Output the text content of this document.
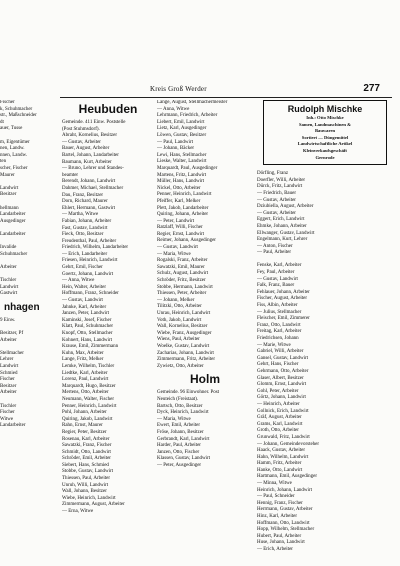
Kreis Groß Werder	277
Fischer
k, Schuhmacher
str., Maßschneider
dt
auer, Tusse
m, Eigentümer
nen, Landw.
nnen, Landw.
ten
scher, Fischer
Maurer
Landwirt
Besitzer
hellmann
Landarbeiter
Ausgedinger
Landarbeiter
Invalide
Schuhmacher
Arbeiter
Tischler
Landwirt
Gastwirt
nhagen
9 Einw.
Besitzer, Pf
Arbeiter
Stellmacher
Lehrer
Landwirt
Schmied
Fischer
Besitzer
Arbeiter
Tischler
Fischer
Witwe
Landarbeiter
Heubuden
Gemeinde. 411 Einw. Poststelle
(Post Stuhmsdorf).
Abraht, Kornelius, Besitzer
— Gustav, Arbeiter
Bauer, August, Arbeiter
Bartel, Johann, Landarbeiter
Baumann, Kurt, Arbeiter
— Bruno, Lehrer und Standes-
beamter
Berendt, Johann, Landwirt
Dahmer, Michael, Stellmacher
Dau, Franz, Besitzer
Dorn, Richard, Maurer
Ehlert, Hermann, Gastwirt
— Martha, Witwe
Fabian, Johann, Arbeiter
Fast, Gustav, Landwirt
Fieck, Otto, Besitzer
Freudenthal, Paul, Arbeiter
Friedrich, Wilhelm, Landarbeiter
— Erich, Landarbeiter
Friesen, Heinrich, Landwirt
Gehrt, Emil, Fischer
Goertz, Johann, Landwirt
— Anna, Witwe
Hein, Walter, Arbeiter
Hoffmann, Franz, Schneider
— Gustav, Landwirt
Jahnke, Karl, Arbeiter
Janzen, Peter, Landwirt
Kaminski, Josef, Fischer
Klatt, Paul, Schuhmacher
Knopf, Otto, Stellmacher
Kohnert, Hans, Landwirt
Krause, Emil, Zimmermann
Kuhn, Max, Arbeiter
Lange, Fritz, Melker
Lemke, Wilhelm, Tischler
Liedtke, Karl, Arbeiter
Lorenz, Paul, Landwirt
Marquardt, Hugo, Besitzer
Mertens, Otto, Arbeiter
Neumann, Walter, Fischer
Penner, Heinrich, Landwirt
Pohl, Johann, Arbeiter
Quiring, Jakob, Landwirt
Rahn, Ernst, Maurer
Regier, Peter, Besitzer
Rosenau, Karl, Arbeiter
Sawatzki, Franz, Fischer
Schmidt, Otto, Landwirt
Schröder, Emil, Arbeiter
Siebert, Hans, Schmied
Stobbe, Gustav, Landwirt
Thiessen, Paul, Arbeiter
Unruh, Willi, Landwirt
Wall, Johann, Besitzer
Wiebe, Heinrich, Landwirt
Zimmermann, August, Arbeiter
— Erna, Witwe
Lange, August, Stellmachermeister
— Anna, Witwe
Lehrmann, Friedrich, Arbeiter
Liebert, Emil, Landwirt
Lietz, Karl, Ausgedinger
Löwen, Gustav, Besitzer
— Paul, Landwirt
— Johann, Bäcker
Lewi, Hans, Stellmacher
Lieske, Walter, Landwirt
Marquardt, Paul, Ausgedinger
Martens, Fritz, Landwirt
Müller, Hans, Landwirt
Nickel, Otto, Arbeiter
Penner, Heinrich, Landwirt
Pfeiffer, Karl, Melker
Plett, Jakob, Landarbeiter
Quiring, Johann, Arbeiter
— Peter, Landwirt
Ratzlaff, Willi, Fischer
Regier, Ernst, Landwirt
Reimer, Johann, Ausgedinger
— Gustav, Landwirt
— Maria, Witwe
Rogalski, Franz, Arbeiter
Sawatzki, Emil, Maurer
Schulz, August, Landwirt
Schröder, Fritz, Besitzer
Stobbe, Hermann, Landwirt
Thiessen, Peter, Arbeiter
— Johann, Melker
Tilitzki, Otto, Arbeiter
Unrau, Heinrich, Landwirt
Voth, Jakob, Landwirt
Wall, Kornelius, Besitzer
Wiebe, Franz, Ausgedinger
Wiens, Paul, Arbeiter
Woelke, Gustav, Landwirt
Zacharias, Johann, Landwirt
Zimmermann, Fritz, Arbeiter
Zywietz, Otto, Arbeiter
Holm
Gemeinde. 96 Einwohner. Post
Neuteich (Freistaat).
Bartsch, Otto, Besitzer
Dyck, Heinrich, Landwirt
— Maria, Witwe
Ewert, Emil, Arbeiter
Fröse, Johann, Besitzer
Gerbrandt, Karl, Landwirt
Harder, Paul, Arbeiter
Janzen, Otto, Fischer
Klassen, Gustav, Landwirt
— Peter, Ausgedinger
Rudolph Mischke
Inh.: Otto Mischke
Samen, Landmaschinen &
Bauwaren
Sortiert — Düngemittel
Landwirtschaftliche Artikel
Kleinverkaufsgeschäft
Gernrode
Dörfling, Franz
Doerfler, Willi, Arbeiter
Dürck, Fritz, Landwirt
— Friedrich, Bauer
— Gustav, Arbeiter
Dziubiella, August, Arbeiter
— Gustav, Arbeiter
Eggert, Erich, Landwirt
Ehmke, Johann, Arbeiter
Ellwanger, Gustav, Landwirt
Engelmann, Kurt, Lehrer
— Anton, Fischer
— Paul, Arbeiter
Fenske, Karl, Arbeiter
Fey, Paul, Arbeiter
— Gustav, Landwirt
Falk, Franz, Bauer
Fehlauer, Johann, Arbeiter
Fischer, August, Arbeiter
Fiss, Albin, Arbeiter
— Julius, Stellmacher
Fleischer, Emil, Zimmerer
Franz, Otto, Landwirt
Freitag, Karl, Arbeiter
Friedrichsen, Johann
— Marie, Witwe
Gabriel, Willi, Arbeiter
Gansel, Gustav, Landwirt
Gehrt, Hans, Fischer
Gehrmann, Otto, Arbeiter
Glaser, Albert, Besitzer
Glomm, Ernst, Landwirt
Gohl, Peter, Arbeiter
Görtz, Johann, Landwirt
— Heinrich, Arbeiter
Gollnick, Erich, Landwirt
Gräf, August, Arbeiter
Grams, Karl, Landwirt
Groth, Otto, Arbeiter
Grunwald, Fritz, Landwirt
— Johann, Gemeindevorsteher
Haack, Gustav, Arbeiter
Hahn, Wilhelm, Landwirt
Hamm, Fritz, Arbeiter
Hanke, Otto, Landwirt
Hartmann, Emil, Ausgedinger
— Minna, Witwe
Heinrich, Johann, Landwirt
— Paul, Schneider
Hennig, Franz, Fischer
Herrmann, Gustav, Arbeiter
Hinz, Karl, Arbeiter
Hoffmann, Otto, Landwirt
Hopp, Wilhelm, Stellmacher
Hubert, Paul, Arbeiter
Huse, Johann, Landwirt
— Erich, Arbeiter
